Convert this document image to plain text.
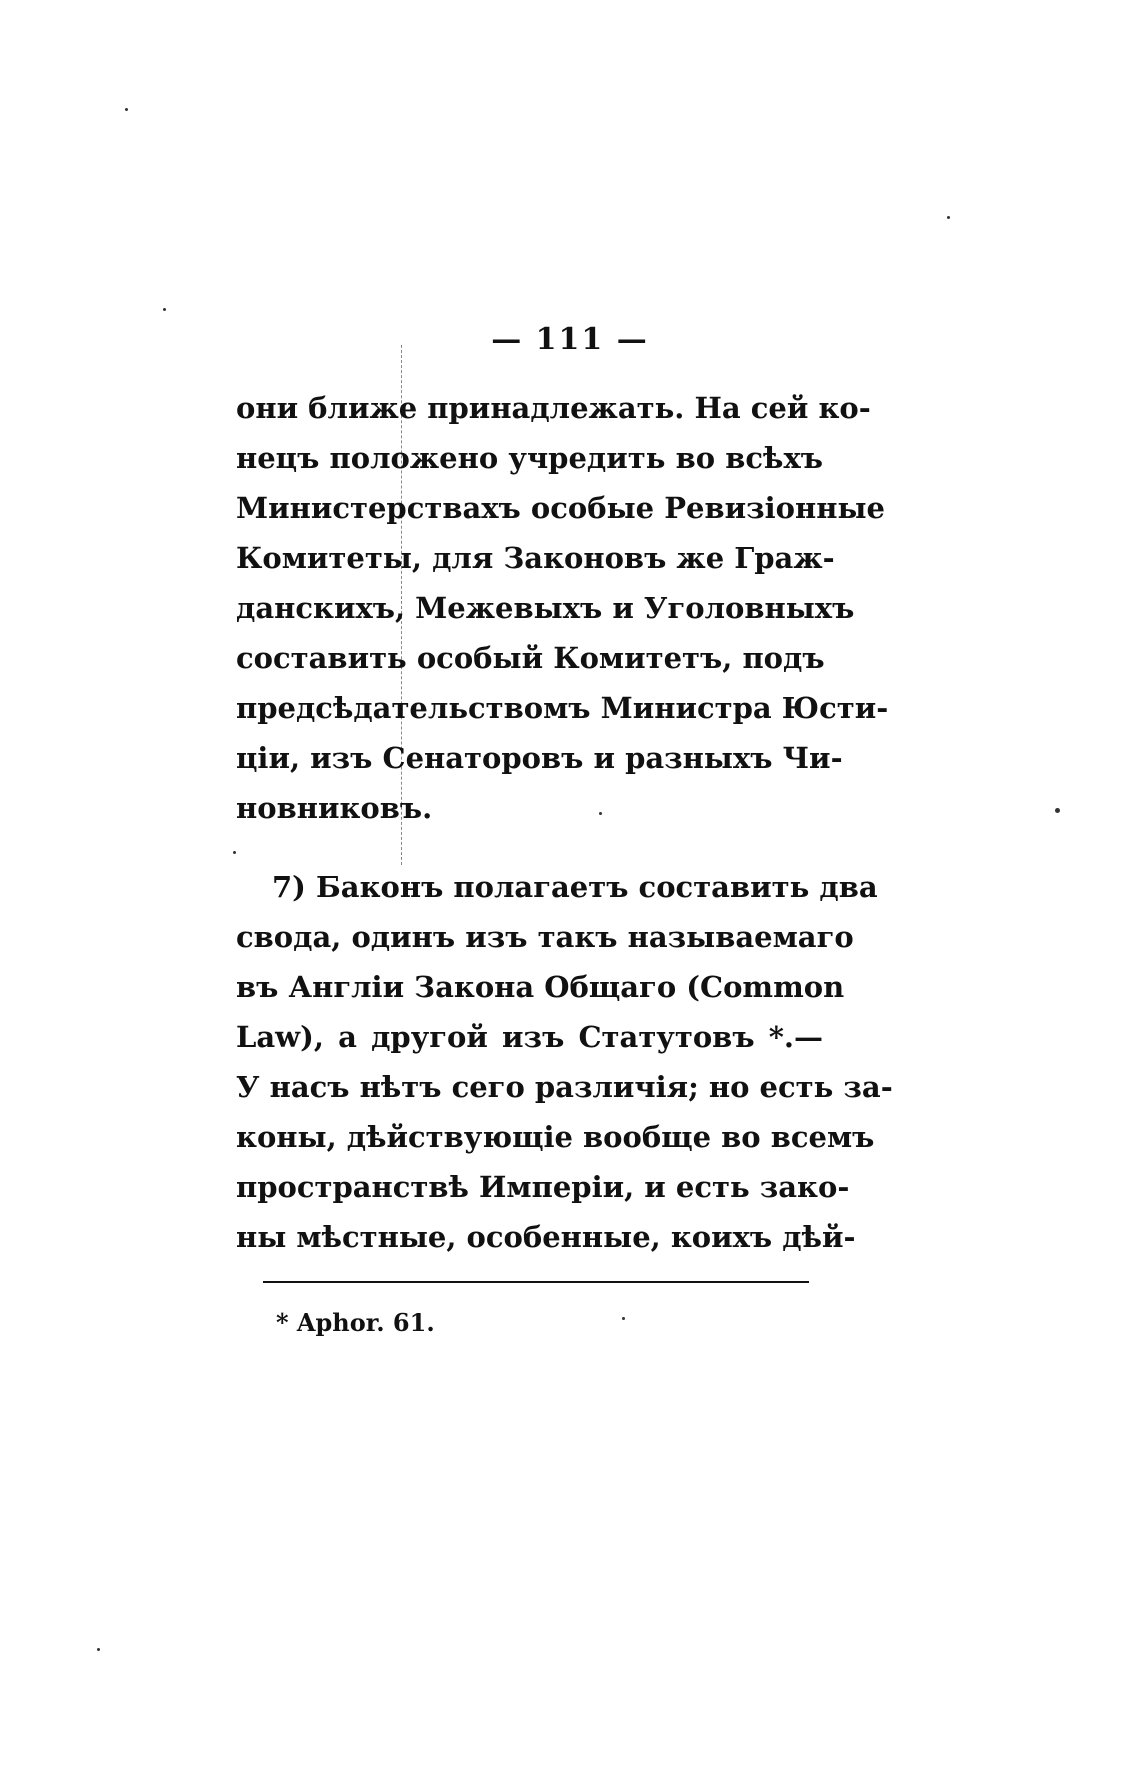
— 111 —
они ближе принадлежать. На сей ко-
нецъ положено учредить во всѣхъ
Министерствахъ особые Ревизіонные
Комитеты, для Законовъ же Граж-
данскихъ, Межевыхъ и Уголовныхъ
составить особый Комитетъ, подъ
предсѣдательствомъ Министра Юсти-
ціи, изъ Сенаторовъ и разныхъ Чи-
новниковъ.
7) Баконъ полагаетъ составить два
свода, одинъ изъ такъ называемаго
въ Англіи Закона Общаго (Common
Law), а другой изъ Статутовъ *.—
У насъ нѣтъ сего различія; но есть за-
коны, дѣйствующіе вообще во всемъ
пространствѣ Имперіи, и есть зако-
ны мѣстные, особенные, коихъ дѣй-
* Aphor. 61.
